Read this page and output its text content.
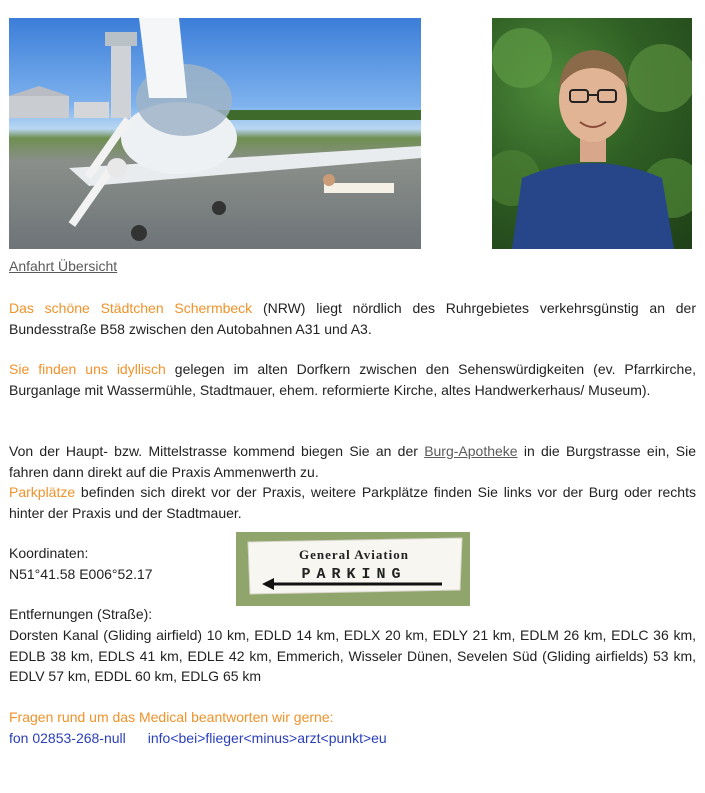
Anfahrt Übersicht

Das schöne Städtchen Schermbeck (NRW) liegt nördlich des Ruhrgebietes verkehrsgünstig an der Bundesstraße B58 zwischen den Autobahnen A31 und A3.

Sie finden uns idyllisch gelegen im alten Dorfkern zwischen den Sehenswürdigkeiten (ev. Pfarrkirche, Burganlage mit Wassermühle, Stadtmauer, ehem. reformierte Kirche, altes Handwerkerhaus/ Museum).

Von der Haupt- bzw. Mittelstrasse kommend biegen Sie an der Burg-Apotheke in die Burgstrasse ein, Sie fahren dann direkt auf die Praxis Ammenwerth zu.
Parkplätze befinden sich direkt vor der Praxis, weitere Parkplätze finden Sie links vor der Burg oder rechts hinter der Praxis und der Stadtmauer.

Koordinaten:
N51°41.58 E006°52.17
General Aviation
PARKING
Entfernungen (Straße):

Dorsten Kanal (Gliding airfield) 10 km, EDLD 14 km, EDLX 20 km, EDLY 21 km, EDLM 26 km, EDLC 36 km, EDLB 38 km, EDLS 41 km, EDLE 42 km, Emmerich, Wisseler Dünen, Sevelen Süd (Gliding airfields) 53 km, EDLV 57 km, EDDL 60 km, EDLG 65 km

Fragen rund um das Medical beantworten wir gerne:
fon 02853-268-null info<bei>flieger<minus>arzt<punkt>eu
